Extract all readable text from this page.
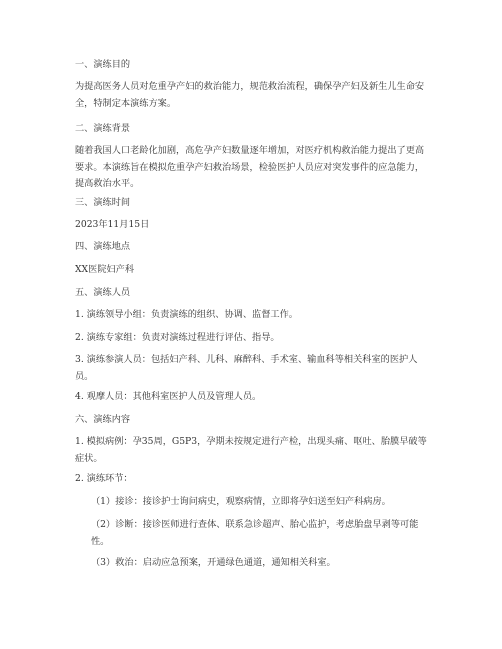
一、演练目的
为提高医务人员对危重孕产妇的救治能力，规范救治流程，确保孕产妇及新生儿生命安全，特制定本演练方案。
二、演练背景
随着我国人口老龄化加剧，高危孕产妇数量逐年增加，对医疗机构救治能力提出了更高要求。本演练旨在模拟危重孕产妇救治场景，检验医护人员应对突发事件的应急能力，提高救治水平。
三、演练时间
2023年11月15日
四、演练地点
XX医院妇产科
五、演练人员
1. 演练领导小组：负责演练的组织、协调、监督工作。
2. 演练专家组：负责对演练过程进行评估、指导。
3. 演练参演人员：包括妇产科、儿科、麻醉科、手术室、输血科等相关科室的医护人员。
4. 观摩人员：其他科室医护人员及管理人员。
六、演练内容
1. 模拟病例：孕35周，G5P3，孕期未按规定进行产检，出现头痛、呕吐、胎膜早破等症状。
2. 演练环节：
（1）接诊：接诊护士询问病史，观察病情，立即将孕妇送至妇产科病房。
（2）诊断：接诊医师进行查体、联系急诊超声、胎心监护，考虑胎盘早剥等可能性。
（3）救治：启动应急预案，开通绿色通道，通知相关科室。
